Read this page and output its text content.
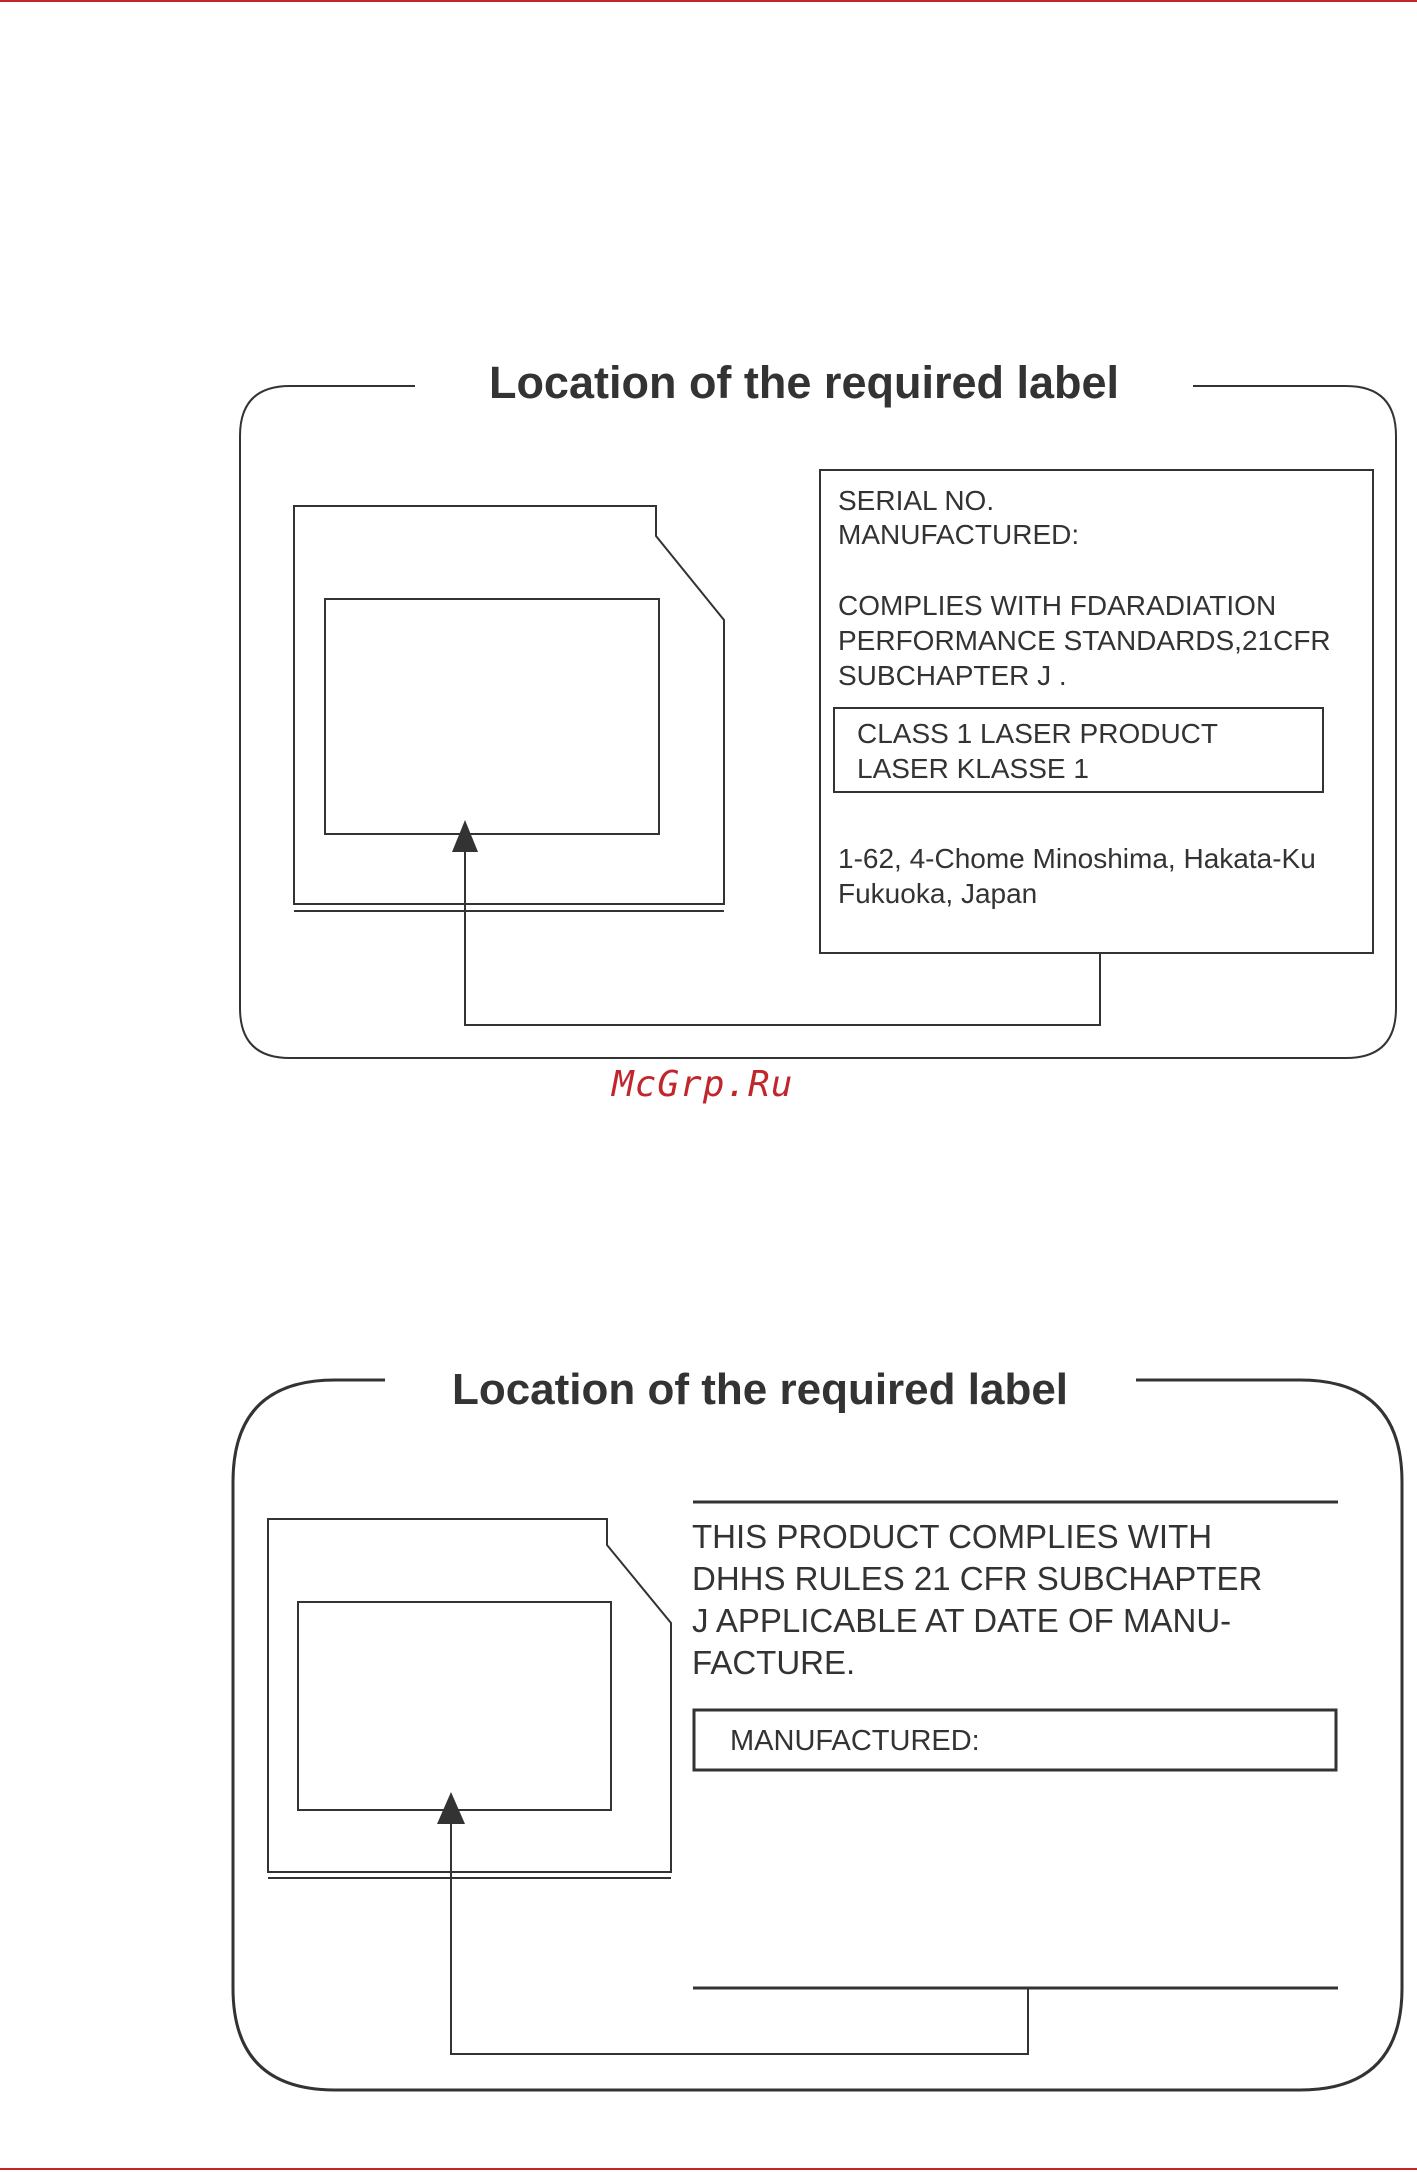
Location of the required label
SERIAL NO.
MANUFACTURED:
COMPLIES WITH FDARADIATION
PERFORMANCE STANDARDS,21CFR
SUBCHAPTER J .
CLASS 1 LASER PRODUCT
LASER KLASSE 1
1-62, 4-Chome Minoshima, Hakata-Ku
Fukuoka, Japan
McGrp.Ru
Location of the required label
THIS PRODUCT COMPLIES WITH
DHHS RULES 21 CFR SUBCHAPTER
J APPLICABLE AT DATE OF MANU-
FACTURE.
MANUFACTURED:
